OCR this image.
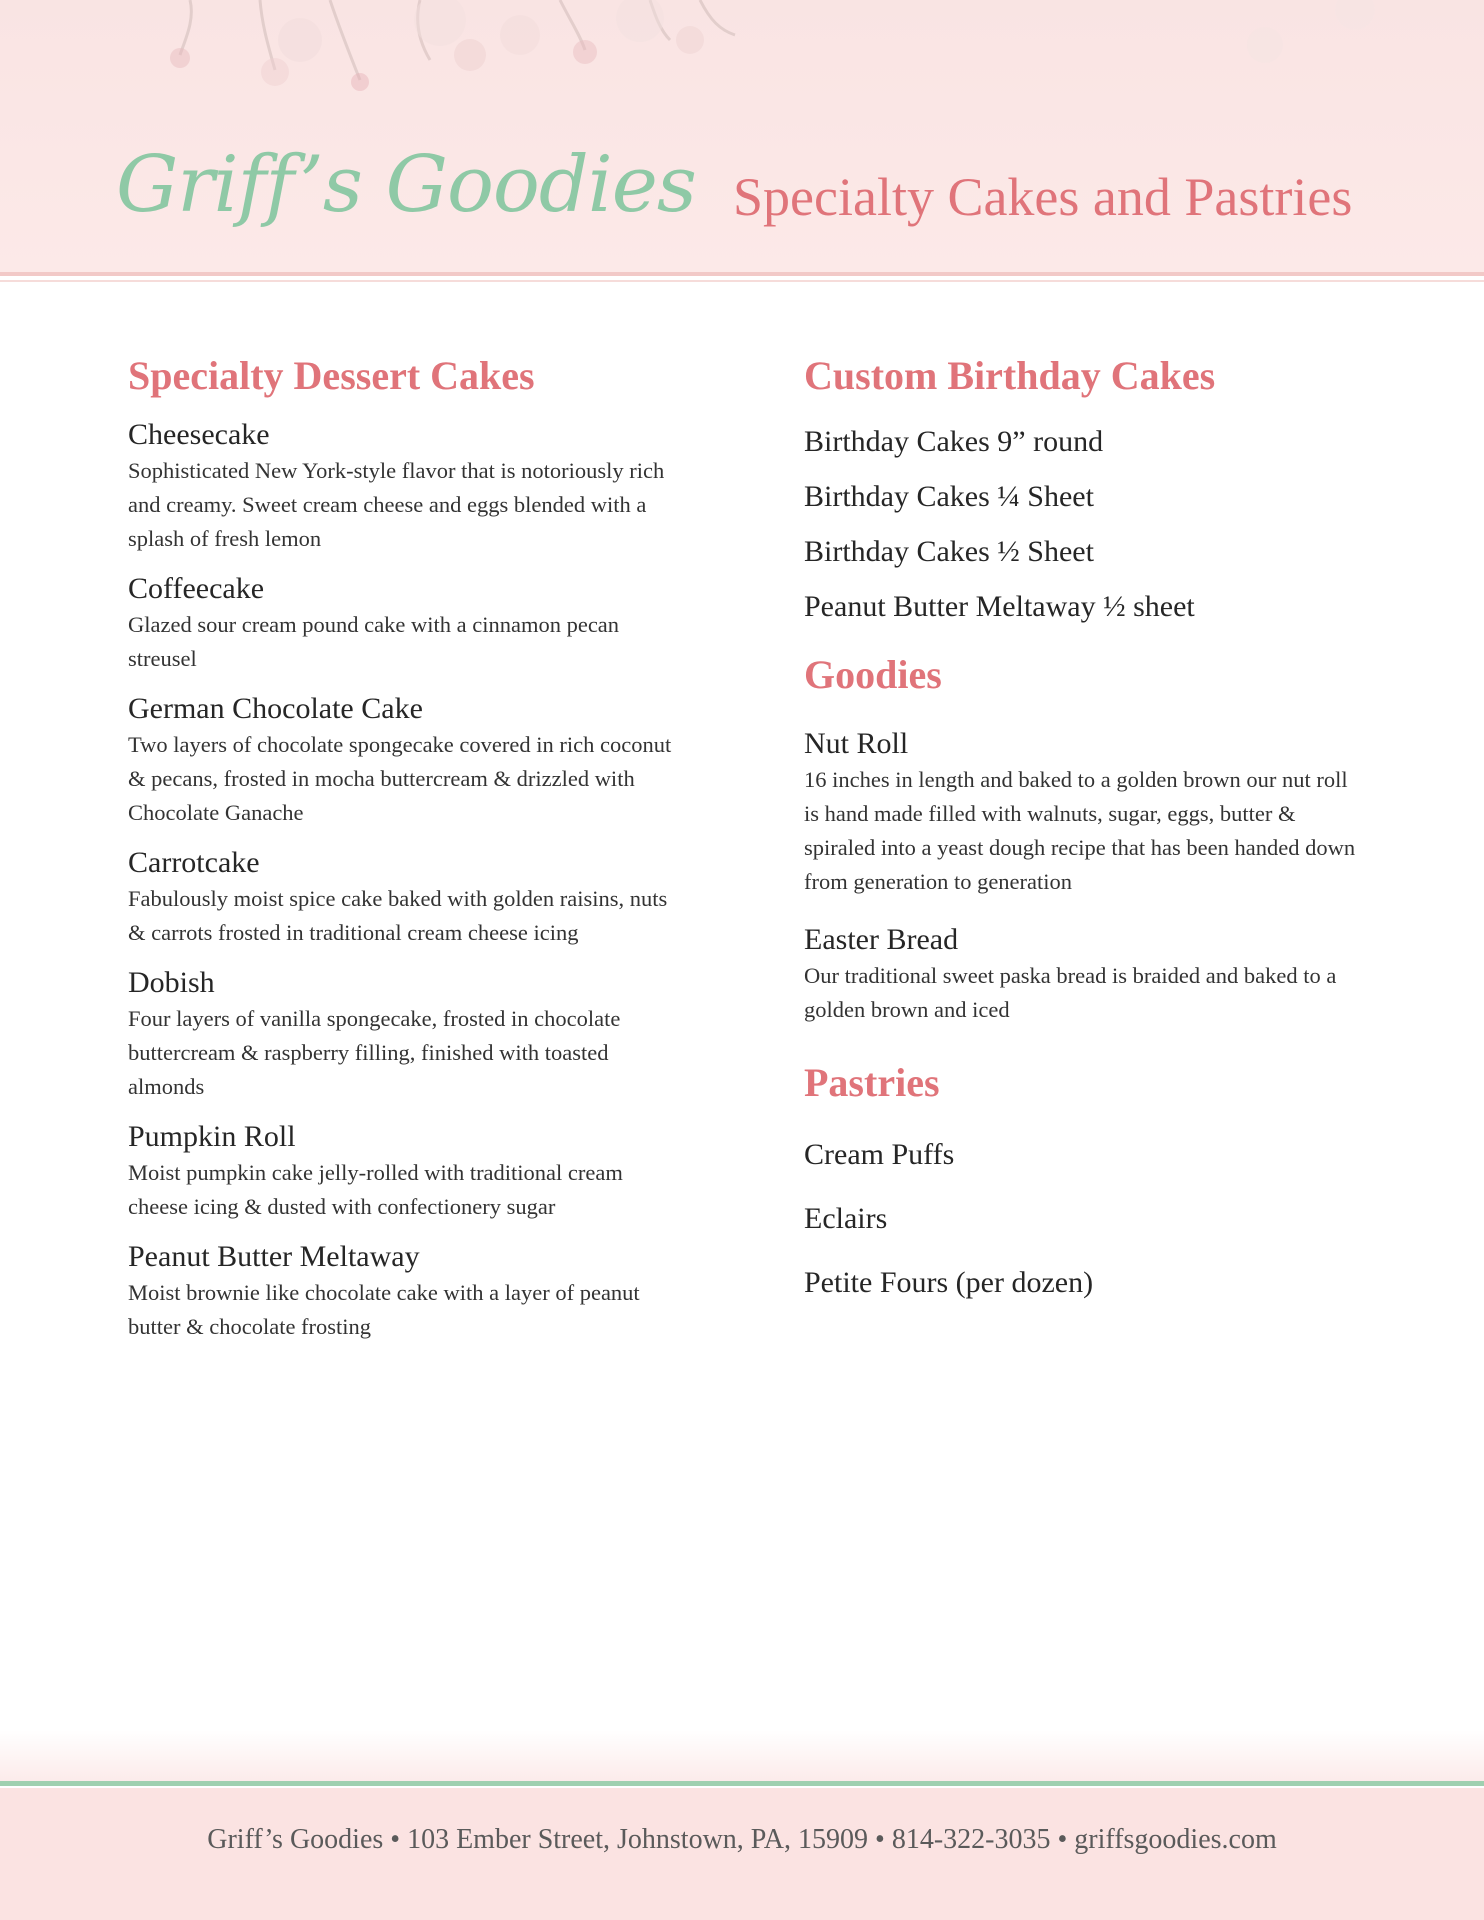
Griff’s Goodies Specialty Cakes and Pastries
Specialty Dessert Cakes
Cheesecake
Sophisticated New York-style flavor that is notoriously rich and creamy. Sweet cream cheese and eggs blended with a splash of fresh lemon
Coffeecake
Glazed sour cream pound cake with a cinnamon pecan streusel
German Chocolate Cake
Two layers of chocolate spongecake covered in rich coconut & pecans, frosted in mocha buttercream & drizzled with Chocolate Ganache
Carrotcake
Fabulously moist spice cake baked with golden raisins, nuts & carrots frosted in traditional cream cheese icing
Dobish
Four layers of vanilla spongecake, frosted in chocolate buttercream & raspberry filling, finished with toasted almonds
Pumpkin Roll
Moist pumpkin cake jelly-rolled with traditional cream cheese icing & dusted with confectionery sugar
Peanut Butter Meltaway
Moist brownie like chocolate cake with a layer of peanut butter & chocolate frosting
Custom Birthday Cakes
Birthday Cakes 9” round
Birthday Cakes ¼ Sheet
Birthday Cakes ½ Sheet
Peanut Butter Meltaway ½ sheet
Goodies
Nut Roll
16 inches in length and baked to a golden brown our nut roll is hand made filled with walnuts, sugar, eggs, butter & spiraled into a yeast dough recipe that has been handed down from generation to generation
Easter Bread
Our traditional sweet paska bread is braided and baked to a golden brown and iced
Pastries
Cream Puffs
Eclairs
Petite Fours (per dozen)
Griff’s Goodies • 103 Ember Street, Johnstown, PA, 15909 • 814-322-3035 • griffsgoodies.com
